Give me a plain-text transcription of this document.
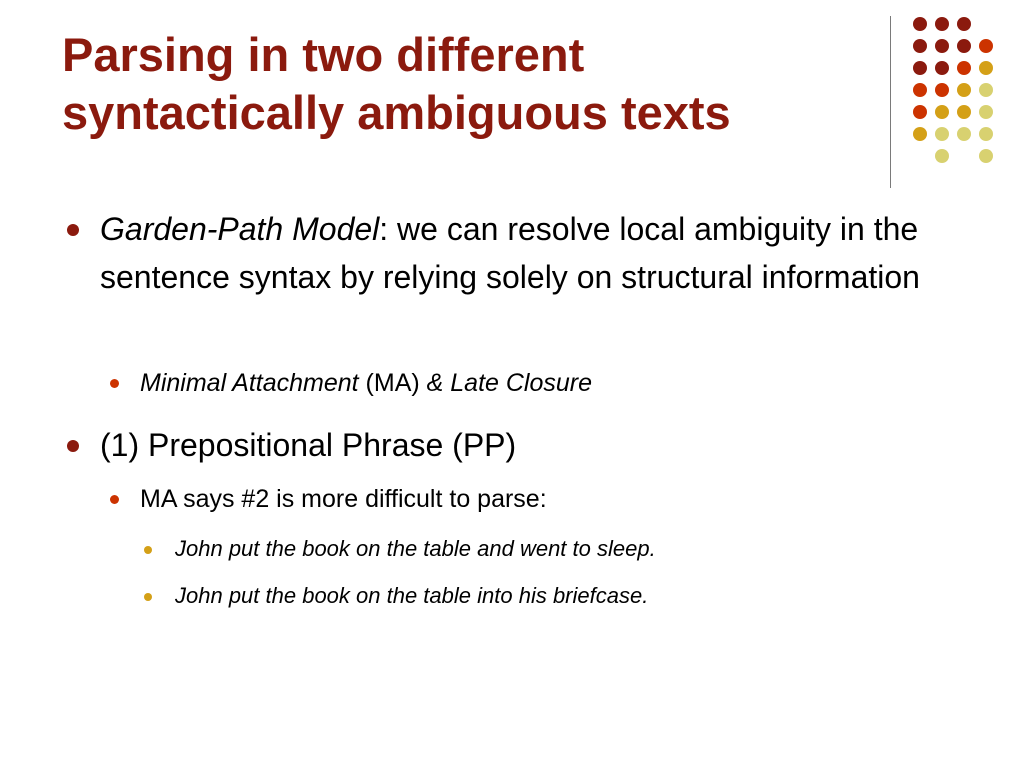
Parsing in two different
syntactically ambiguous texts
Garden-Path Model: we can resolve local ambiguity in the sentence syntax by relying solely on structural information
Minimal Attachment (MA) & Late Closure
(1) Prepositional Phrase (PP)
MA says #2 is more difficult to parse:
John put the book on the table and went to sleep.
John put the book on the table into his briefcase.
